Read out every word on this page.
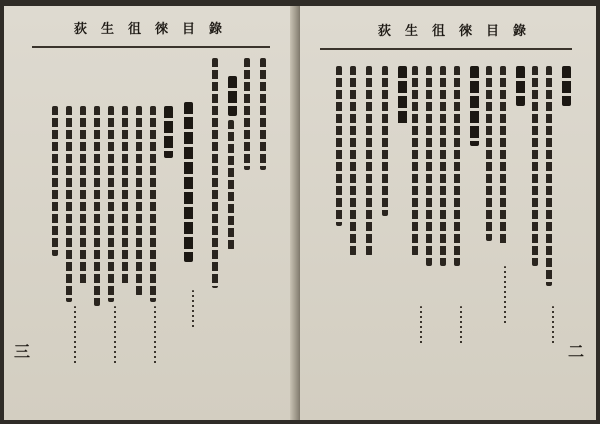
荻生徂徠目錄
三
荻生徂徠目錄
二
